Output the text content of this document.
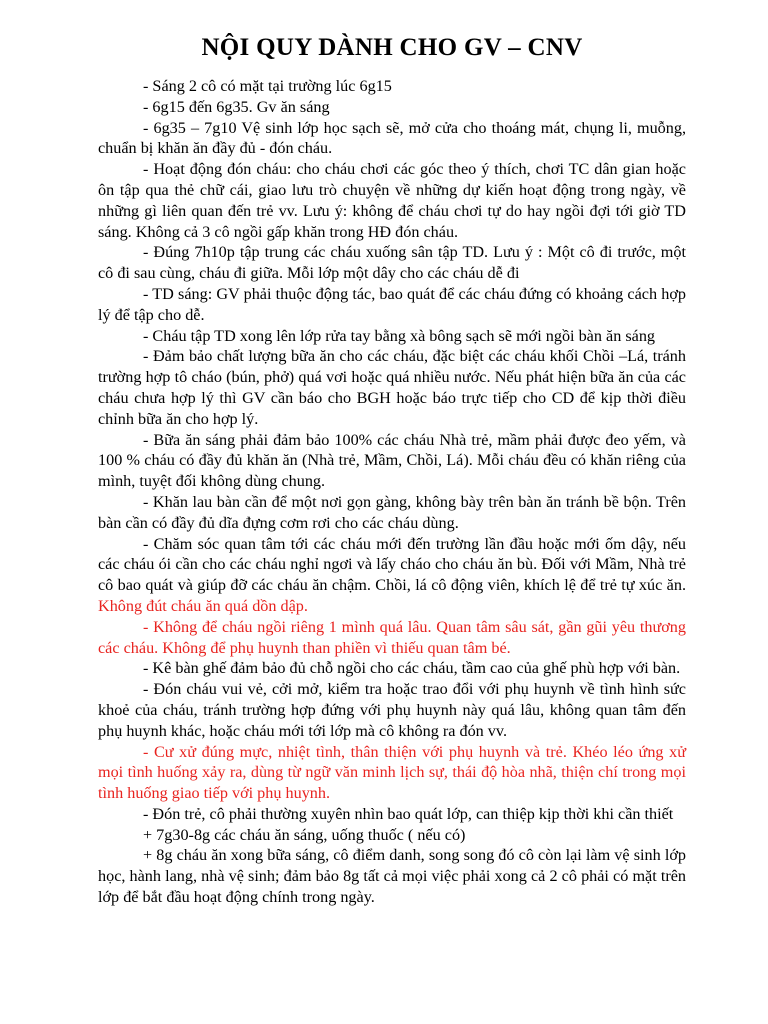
NỘI QUY DÀNH CHO GV – CNV

- Sáng 2 cô có mặt tại trường lúc 6g15

- 6g15 đến 6g35. Gv ăn sáng

- 6g35 – 7g10 Vệ sinh lớp học sạch sẽ, mở cửa cho thoáng mát, chụng li, muỗng, chuẩn bị khăn ăn đầy đủ - đón cháu.

- Hoạt động đón cháu: cho cháu chơi các góc theo ý thích, chơi TC dân gian hoặc ôn tập qua thẻ chữ cái, giao lưu trò chuyện về những dự kiến hoạt động trong ngày, về những gì liên quan đến trẻ vv. Lưu ý: không để cháu chơi tự do hay ngồi đợi tới giờ TD sáng. Không cả 3 cô ngồi gấp khăn trong HĐ đón cháu.

- Đúng 7h10p tập trung các cháu xuống sân tập TD. Lưu ý : Một cô đi trước, một cô đi sau cùng, cháu đi giữa. Mỗi lớp một dây cho các cháu dễ đi

- TD sáng: GV phải thuộc động tác, bao quát để các cháu đứng có khoảng cách hợp lý để tập cho dễ.

- Cháu tập TD xong lên lớp rửa tay bằng xà bông sạch sẽ mới ngồi bàn ăn sáng

- Đảm bảo chất lượng bữa ăn cho các cháu, đặc biệt các cháu khối Chồi –Lá, tránh trường hợp tô cháo (bún, phở) quá vơi hoặc quá nhiều nước. Nếu phát hiện bữa ăn của các cháu chưa hợp lý thì GV cần báo cho BGH hoặc báo trực tiếp cho CD để kịp thời điều chỉnh bữa ăn cho hợp lý.

- Bữa ăn sáng phải đảm bảo 100% các cháu Nhà trẻ, mầm phải được đeo yếm, và 100 % cháu có đầy đủ khăn ăn (Nhà trẻ, Mầm, Chồi, Lá). Mỗi cháu đều có khăn riêng của mình, tuyệt đối không dùng chung.

- Khăn lau bàn cần để một nơi gọn gàng, không bày trên bàn ăn tránh bề bộn. Trên bàn cần có đầy đủ dĩa đựng cơm rơi cho các cháu dùng.

- Chăm sóc quan tâm tới các cháu mới đến trường lần đầu hoặc mới ốm dậy, nếu các cháu ói cần cho các cháu nghỉ ngơi và lấy cháo cho cháu ăn bù. Đối với Mầm, Nhà trẻ cô bao quát và giúp đỡ các cháu ăn chậm. Chồi, lá cô động viên, khích lệ để trẻ tự xúc ăn. Không đút cháu ăn quá dồn dập.

- Không để cháu ngồi riêng 1 mình quá lâu. Quan tâm sâu sát, gần gũi yêu thương các cháu. Không để phụ huynh than phiền vì thiếu quan tâm bé.

- Kê bàn ghế đảm bảo đủ chỗ ngồi cho các cháu, tầm cao của ghế phù hợp với bàn.

- Đón cháu vui vẻ, cởi mở, kiểm tra hoặc trao đổi với phụ huynh về tình hình sức khoẻ của cháu, tránh trường hợp đứng với phụ huynh này quá lâu, không quan tâm đến phụ huynh khác, hoặc cháu mới tới lớp mà cô không ra đón vv.

- Cư xử đúng mực, nhiệt tình, thân thiện với phụ huynh và trẻ. Khéo léo ứng xử mọi tình huống xảy ra, dùng từ ngữ văn minh lịch sự, thái độ hòa nhã, thiện chí trong mọi tình huống giao tiếp với phụ huynh.

- Đón trẻ, cô phải thường xuyên nhìn bao quát lớp, can thiệp kịp thời khi cần thiết

+ 7g30-8g các cháu ăn sáng, uống thuốc ( nếu có)

+ 8g cháu ăn xong bữa sáng, cô điểm danh, song song đó cô còn lại làm vệ sinh lớp học, hành lang, nhà vệ sinh; đảm bảo 8g tất cả mọi việc phải xong cả 2 cô phải có mặt trên lớp để bắt đầu hoạt động chính trong ngày.
